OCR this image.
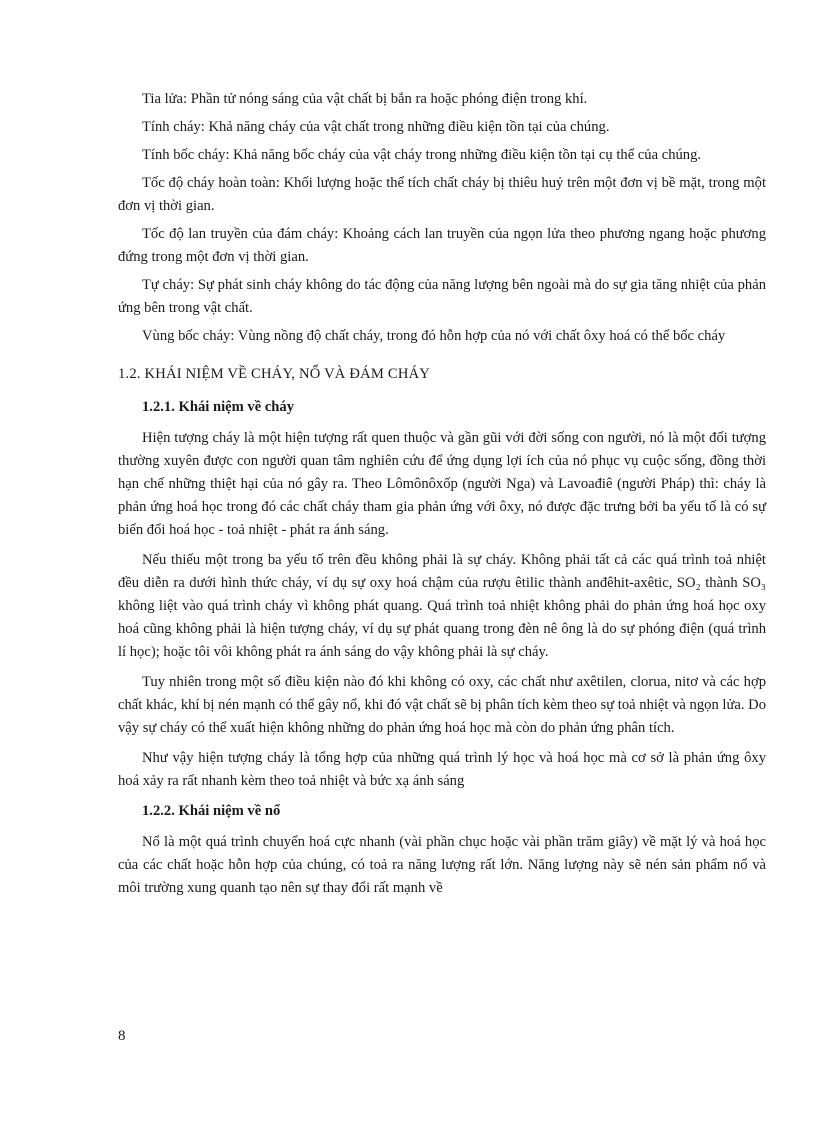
Tia lửa: Phần tử nóng sáng của vật chất bị bắn ra hoặc phóng điện trong khí.

Tính cháy: Khả năng cháy của vật chất trong những điều kiện tồn tại của chúng.

Tính bốc cháy: Khả năng bốc cháy của vật cháy trong những điều kiện tồn tại cụ thể của chúng.

Tốc độ cháy hoàn toàn: Khối lượng hoặc thể tích chất cháy bị thiêu huỷ trên một đơn vị bề mặt, trong một đơn vị thời gian.

Tốc độ lan truyền của đám cháy: Khoảng cách lan truyền của ngọn lửa theo phương ngang hoặc phương đứng trong một đơn vị thời gian.

Tự cháy: Sự phát sinh cháy không do tác động của năng lượng bên ngoài mà do sự gia tăng nhiệt của phản ứng bên trong vật chất.

Vùng bốc cháy: Vùng nồng độ chất cháy, trong đó hỗn hợp của nó với chất ôxy hoá có thể bốc cháy

1.2. KHÁI NIỆM VỀ CHÁY, NỔ VÀ ĐÁM CHÁY
1.2.1. Khái niệm về cháy

Hiện tượng cháy là một hiện tượng rất quen thuộc và gần gũi với đời sống con người, nó là một đối tượng thường xuyên được con người quan tâm nghiên cứu để ứng dụng lợi ích của nó phục vụ cuộc sống, đồng thời hạn chế những thiệt hại của nó gây ra. Theo Lômônôxốp (người Nga) và Lavoađiê (người Pháp) thì: cháy là phản ứng hoá học trong đó các chất cháy tham gia phản ứng với ôxy, nó được đặc trưng bởi ba yếu tố là có sự biến đổi hoá học - toả nhiệt - phát ra ánh sáng.

Nếu thiếu một trong ba yếu tố trên đều không phải là sự cháy. Không phải tất cả các quá trình toả nhiệt đều diễn ra dưới hình thức cháy, ví dụ sự oxy hoá chậm của rượu êtilic thành anđêhit-axêtic, SO₂ thành SO₃ không liệt vào quá trình cháy vì không phát quang. Quá trình toả nhiệt không phải do phản ứng hoá học oxy hoá cũng không phải là hiện tượng cháy, ví dụ sự phát quang trong đèn nê ông là do sự phóng điện (quá trình lí học); hoặc tôi vôi không phát ra ánh sáng do vậy không phải là sự cháy.

Tuy nhiên trong một số điều kiện nào đó khi không có oxy, các chất như axêtilen, clorua, nitơ và các hợp chất khác, khí bị nén mạnh có thể gây nổ, khi đó vật chất sẽ bị phân tích kèm theo sự toả nhiệt và ngọn lửa. Do vậy sự cháy có thể xuất hiện không những do phản ứng hoá học mà còn do phản ứng phân tích.

Như vậy hiện tượng cháy là tổng hợp của những quá trình lý học và hoá học mà cơ sở là phản ứng ôxy hoá xảy ra rất nhanh kèm theo toả nhiệt và bức xạ ánh sáng

1.2.2. Khái niệm về nổ

Nổ là một quá trình chuyển hoá cực nhanh (vài phần chục hoặc vài phần trăm giây) về mặt lý và hoá học của các chất hoặc hỗn hợp của chúng, có toả ra năng lượng rất lớn. Năng lượng này sẽ nén sản phẩm nổ và môi trường xung quanh tạo nên sự thay đổi rất mạnh về

8
